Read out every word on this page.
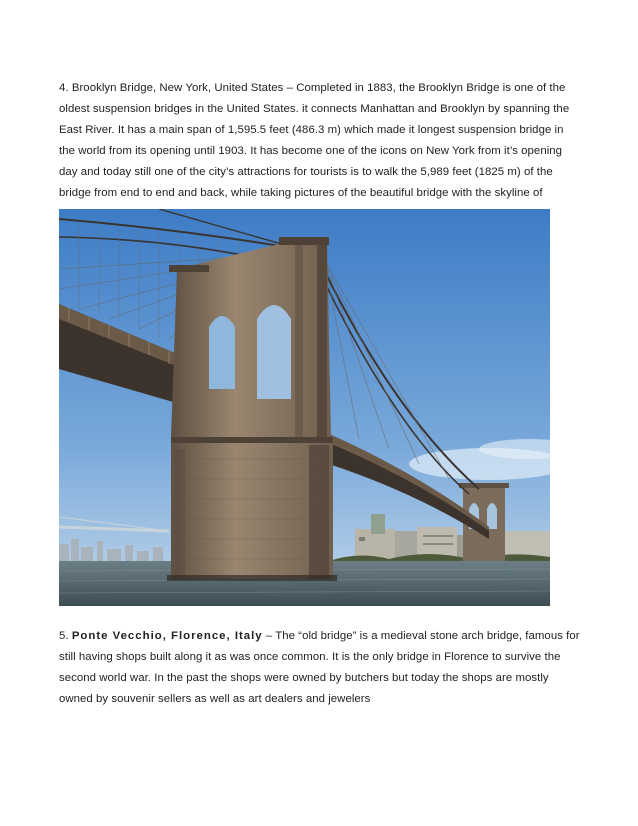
4. Brooklyn Bridge, New York, United States – Completed in 1883, the Brooklyn Bridge is one of the oldest suspension bridges in the United States. it connects Manhattan and Brooklyn by spanning the East River. It has a main span of 1,595.5 feet (486.3 m) which made it longest suspension bridge in the world from its opening until 1903. It has become one of the icons on New York from it’s opening day and today still one of the city’s attractions for tourists is to walk the 5,989 feet (1825 m) of the bridge from end to end and back, while taking pictures of the beautiful bridge with the skyline of

5. Ponte Vecchio, Florence, Italy – The “old bridge” is a medieval stone arch bridge, famous for still having shops built along it as was once common. It is the only bridge in Florence to survive the second world war. In the past the shops were owned by butchers but today the shops are mostly owned by souvenir sellers as well as art dealers and jewelers
